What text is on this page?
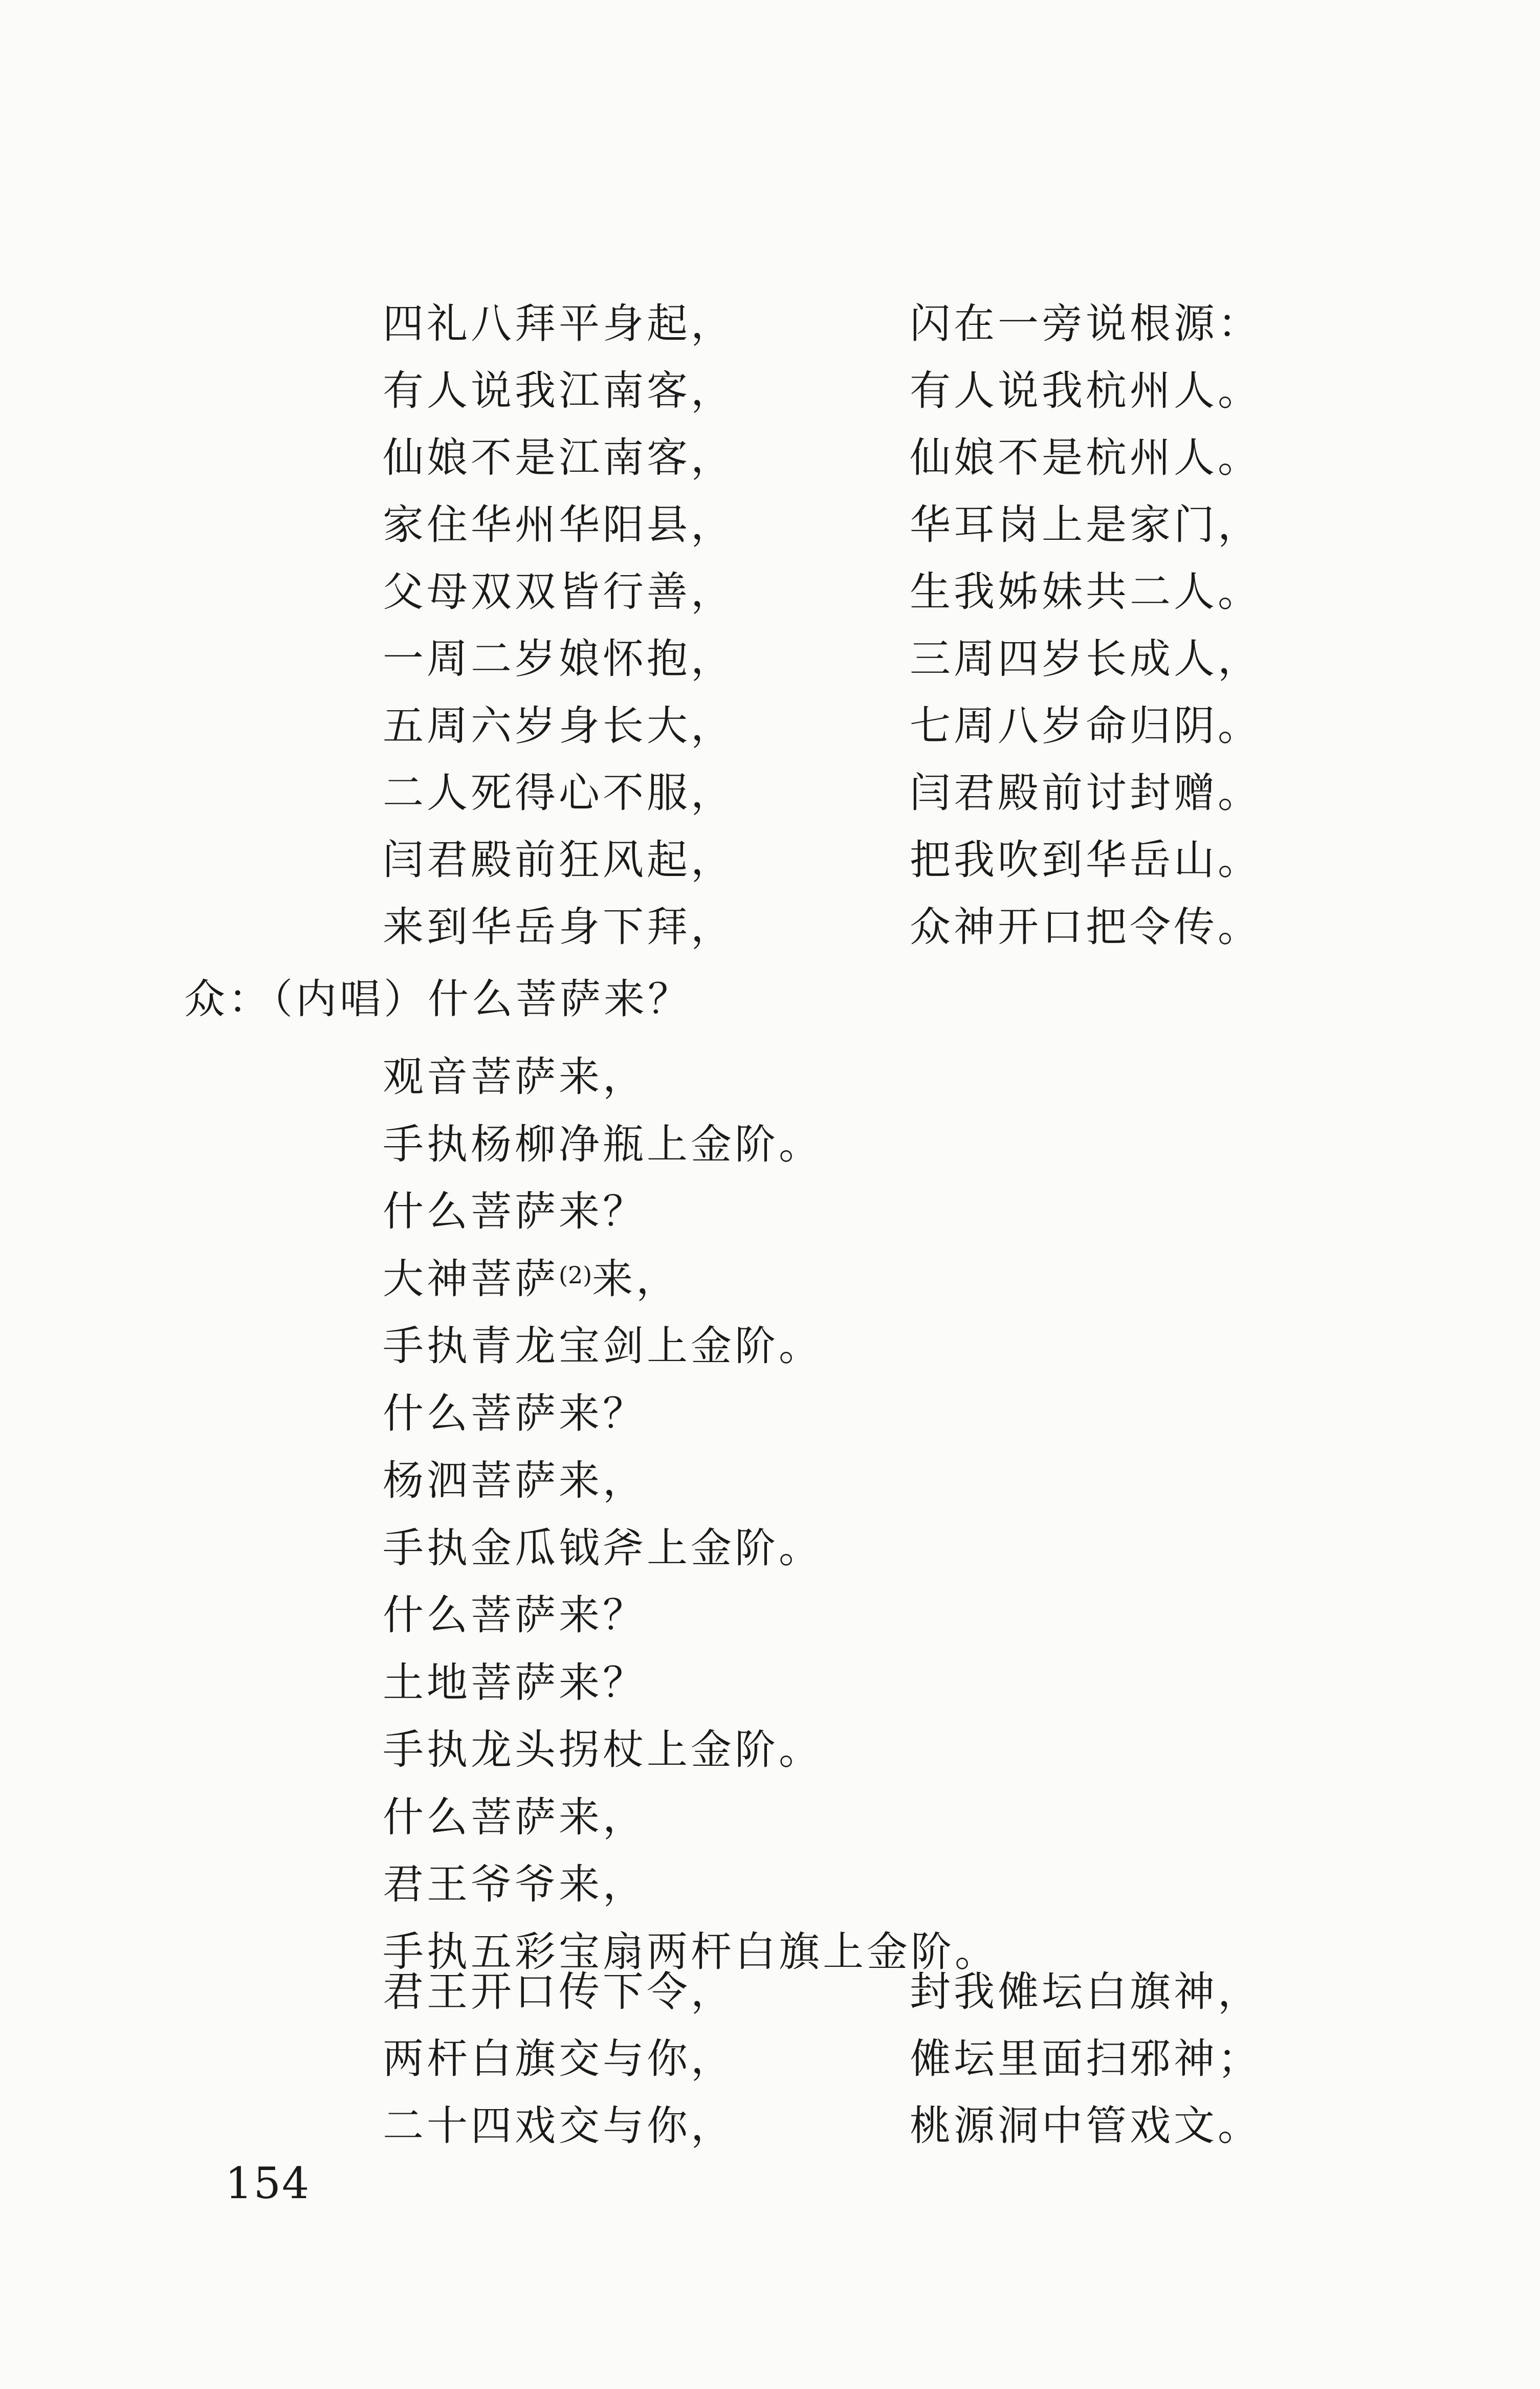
四礼八拜平身起，	闪在一旁说根源：
有人说我江南客，	有人说我杭州人。
仙娘不是江南客，	仙娘不是杭州人。
家住华州华阳县，	华耳岗上是家门，
父母双双皆行善，	生我姊妹共二人。
一周二岁娘怀抱，	三周四岁长成人，
五周六岁身长大，	七周八岁命归阴。
二人死得心不服，	闫君殿前讨封赠。
闫君殿前狂风起，	把我吹到华岳山。
来到华岳身下拜，	众神开口把令传。
众：（内唱）什么菩萨来？
观音菩萨来，
手执杨柳净瓶上金阶。
什么菩萨来？
大神菩萨 (2) 来，
手执青龙宝剑上金阶。
什么菩萨来？
杨泗菩萨来，
手执金瓜钺斧上金阶。
什么菩萨来？
土地菩萨来？
手执龙头拐杖上金阶。
什么菩萨来，
君王爷爷来，
手执五彩宝扇两杆白旗上金阶。
君王开口传下令，	封我傩坛白旗神，
两杆白旗交与你，	傩坛里面扫邪神；
二十四戏交与你，	桃源洞中管戏文。
154
